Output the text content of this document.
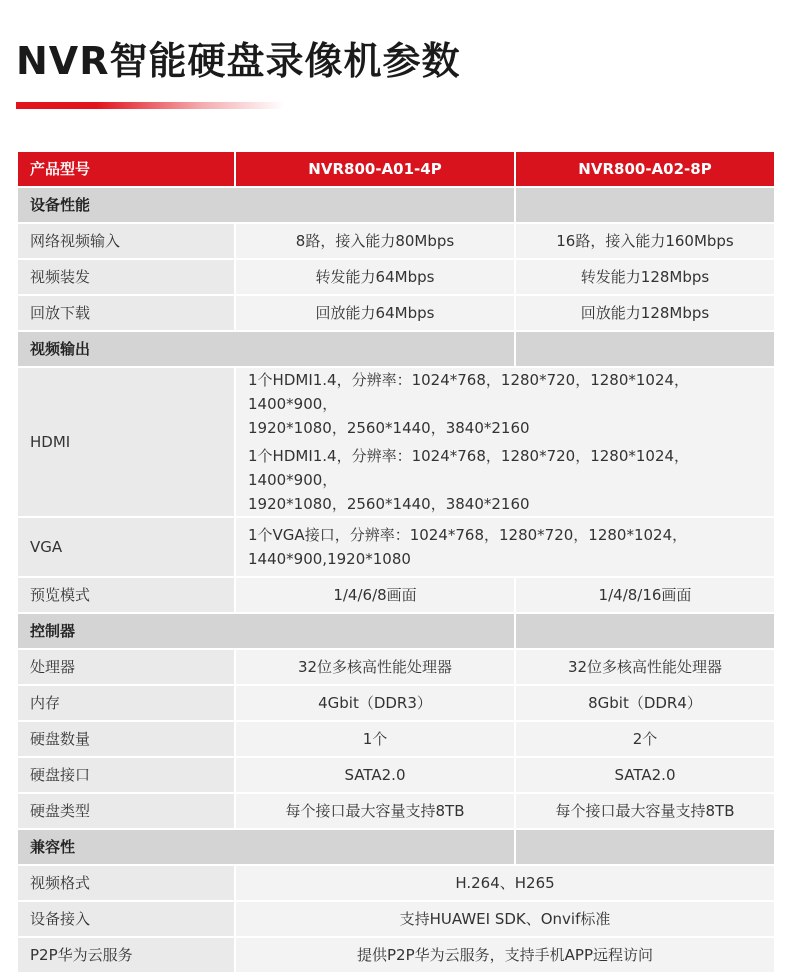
NVR智能硬盘录像机参数
产品型号	NVR800-A01-4P	NVR800-A02-8P
设备性能		
网络视频输入	8路，接入能力80Mbps	16路，接入能力160Mbps
视频装发	转发能力64Mbps	转发能力128Mbps
回放下载	回放能力64Mbps	回放能力128Mbps
视频输出		
HDMI	1个HDMI1.4，分辨率：1024*768，1280*720，1280*1024，1400*900，
1920*1080，2560*1440，3840*2160
1个HDMI1.4，分辨率：1024*768，1280*720，1280*1024，1400*900，
1920*1080，2560*1440，3840*2160	

VGA	1个VGA接口，分辨率：1024*768，1280*720，1280*1024，
1440*900,1920*1080	

预览模式	1/4/6/8画面	1/4/8/16画面
控制器		
处理器	32位多核高性能处理器	32位多核高性能处理器
内存	4Gbit（DDR3）	8Gbit（DDR4）
硬盘数量	1个	2个
硬盘接口	SATA2.0	SATA2.0
硬盘类型	每个接口最大容量支持8TB	每个接口最大容量支持8TB
兼容性		
视频格式	H.264、H265	
设备接入	支持HUAWEI SDK、Onvif标准	
P2P华为云服务	提供P2P华为云服务，支持手机APP远程访问	
